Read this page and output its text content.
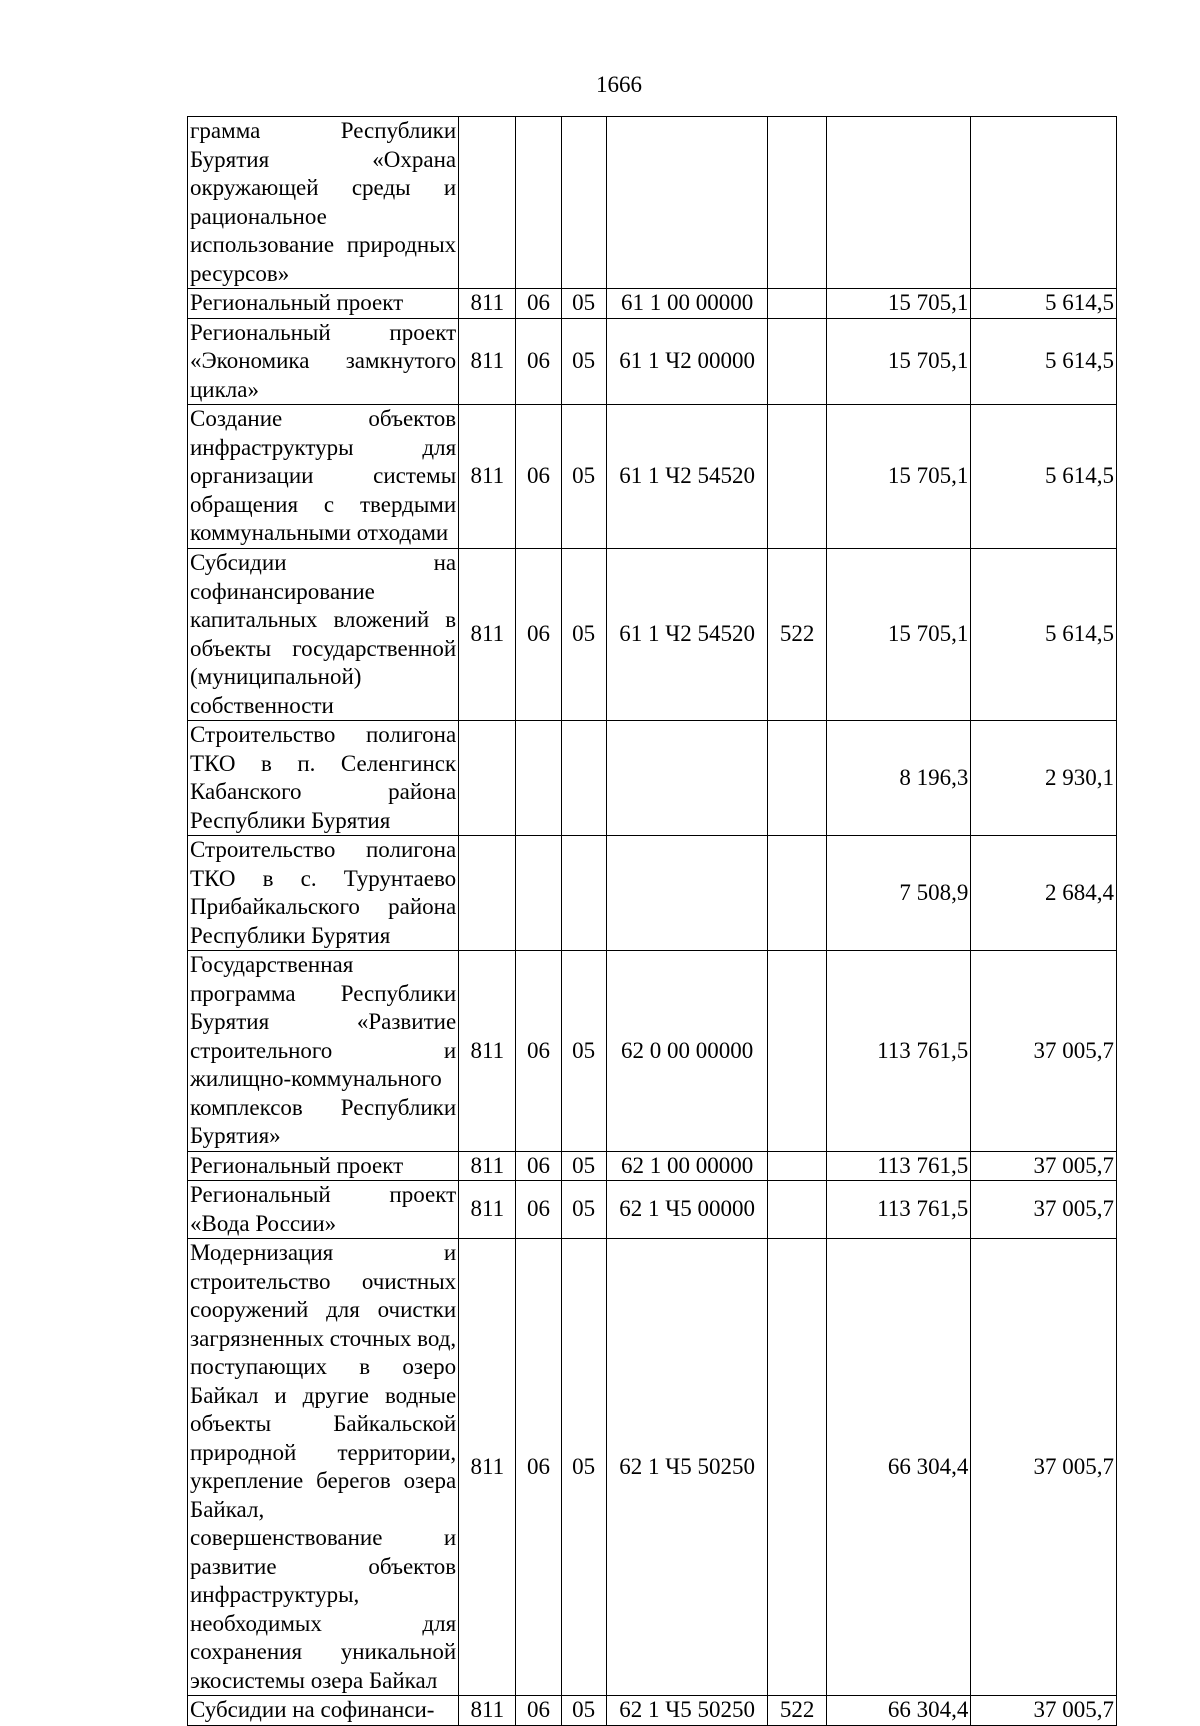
1666
грамма Республики Бурятия «Охрана окружающей среды и рациональное использование природных ресурсов»							
Региональный проект	811	06	05	61 1 00 00000		15 705,1	5 614,5
Региональный проект «Экономика замкнутого цикла»	811	06	05	61 1 Ч2 00000		15 705,1	5 614,5
Создание объектов инфраструктуры для организации системы обращения с твердыми коммунальными отходами	811	06	05	61 1 Ч2 54520		15 705,1	5 614,5
Субсидии на софинансирование капитальных вложений в объекты государственной (муниципальной) собственности	811	06	05	61 1 Ч2 54520	522	15 705,1	5 614,5
Строительство полигона ТКО в п. Селенгинск Кабанского района Республики Бурятия						8 196,3	2 930,1
Строительство полигона ТКО в с. Турунтаево Прибайкальского района Республики Бурятия						7 508,9	2 684,4
Государственная программа Республики Бурятия «Развитие строительного и жилищно-коммунального комплексов Республики Бурятия»	811	06	05	62 0 00 00000		113 761,5	37 005,7
Региональный проект	811	06	05	62 1 00 00000		113 761,5	37 005,7
Региональный проект «Вода России»	811	06	05	62 1 Ч5 00000		113 761,5	37 005,7
Модернизация и строительство очистных сооружений для очистки загрязненных сточных вод, поступающих в озеро Байкал и другие водные объекты Байкальской природной территории, укрепление берегов озера Байкал, совершенствование и развитие объектов инфраструктуры, необходимых для сохранения уникальной экосистемы озера Байкал	811	06	05	62 1 Ч5 50250		66 304,4	37 005,7
Субсидии на софинанси-	811	06	05	62 1 Ч5 50250	522	66 304,4	37 005,7
